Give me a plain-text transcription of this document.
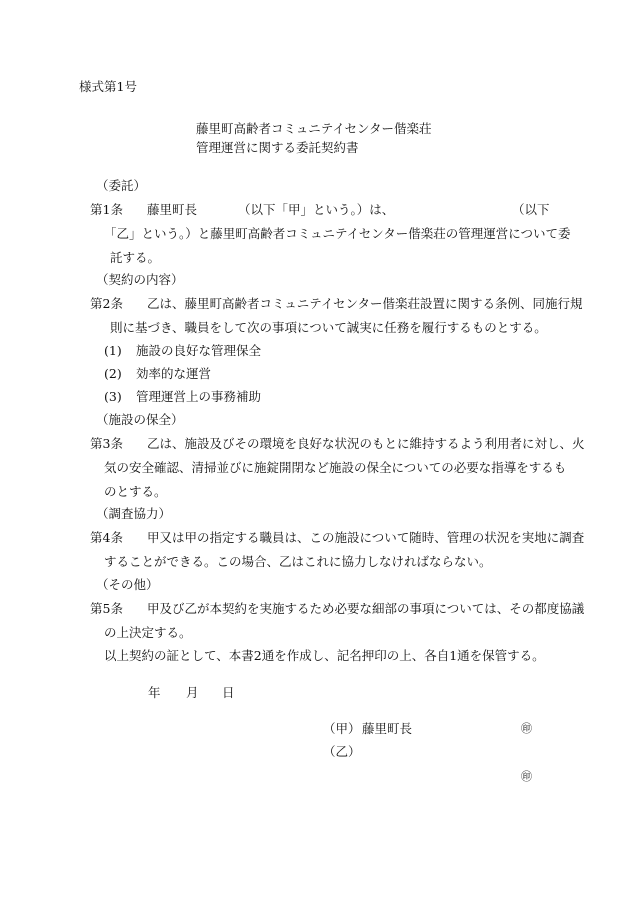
様式第1号
藤里町高齢者コミュニテイセンター偕楽荘
管理運営に関する委託契約書
（委託）
第1条 藤里町長	（以下「甲」という。）は、	（以下
「乙」という。）と藤里町高齢者コミュニテイセンター偕楽荘の管理運営について委
託する。
（契約の内容）
第2条 乙は、藤里町高齢者コミュニテイセンター偕楽荘設置に関する条例、同施行規
則に基づき、職員をして次の事項について誠実に任務を履行するものとする。
(1) 施設の良好な管理保全
(2) 効率的な運営
(3) 管理運営上の事務補助
（施設の保全）
第3条 乙は、施設及びその環境を良好な状況のもとに維持するよう利用者に対し、火
気の安全確認、清掃並びに施錠開閉など施設の保全についての必要な指導をするも
のとする。
（調査協力）
第4条 甲又は甲の指定する職員は、この施設について随時、管理の状況を実地に調査
することができる。この場合、乙はこれに協力しなければならない。
（その他）
第5条 甲及び乙が本契約を実施するため必要な細部の事項については、その都度協議
の上決定する。
以上契約の証として、本書2通を作成し、記名押印の上、各自1通を保管する。
年 月 日
（甲） 藤里町長	㊞
（乙）
㊞
